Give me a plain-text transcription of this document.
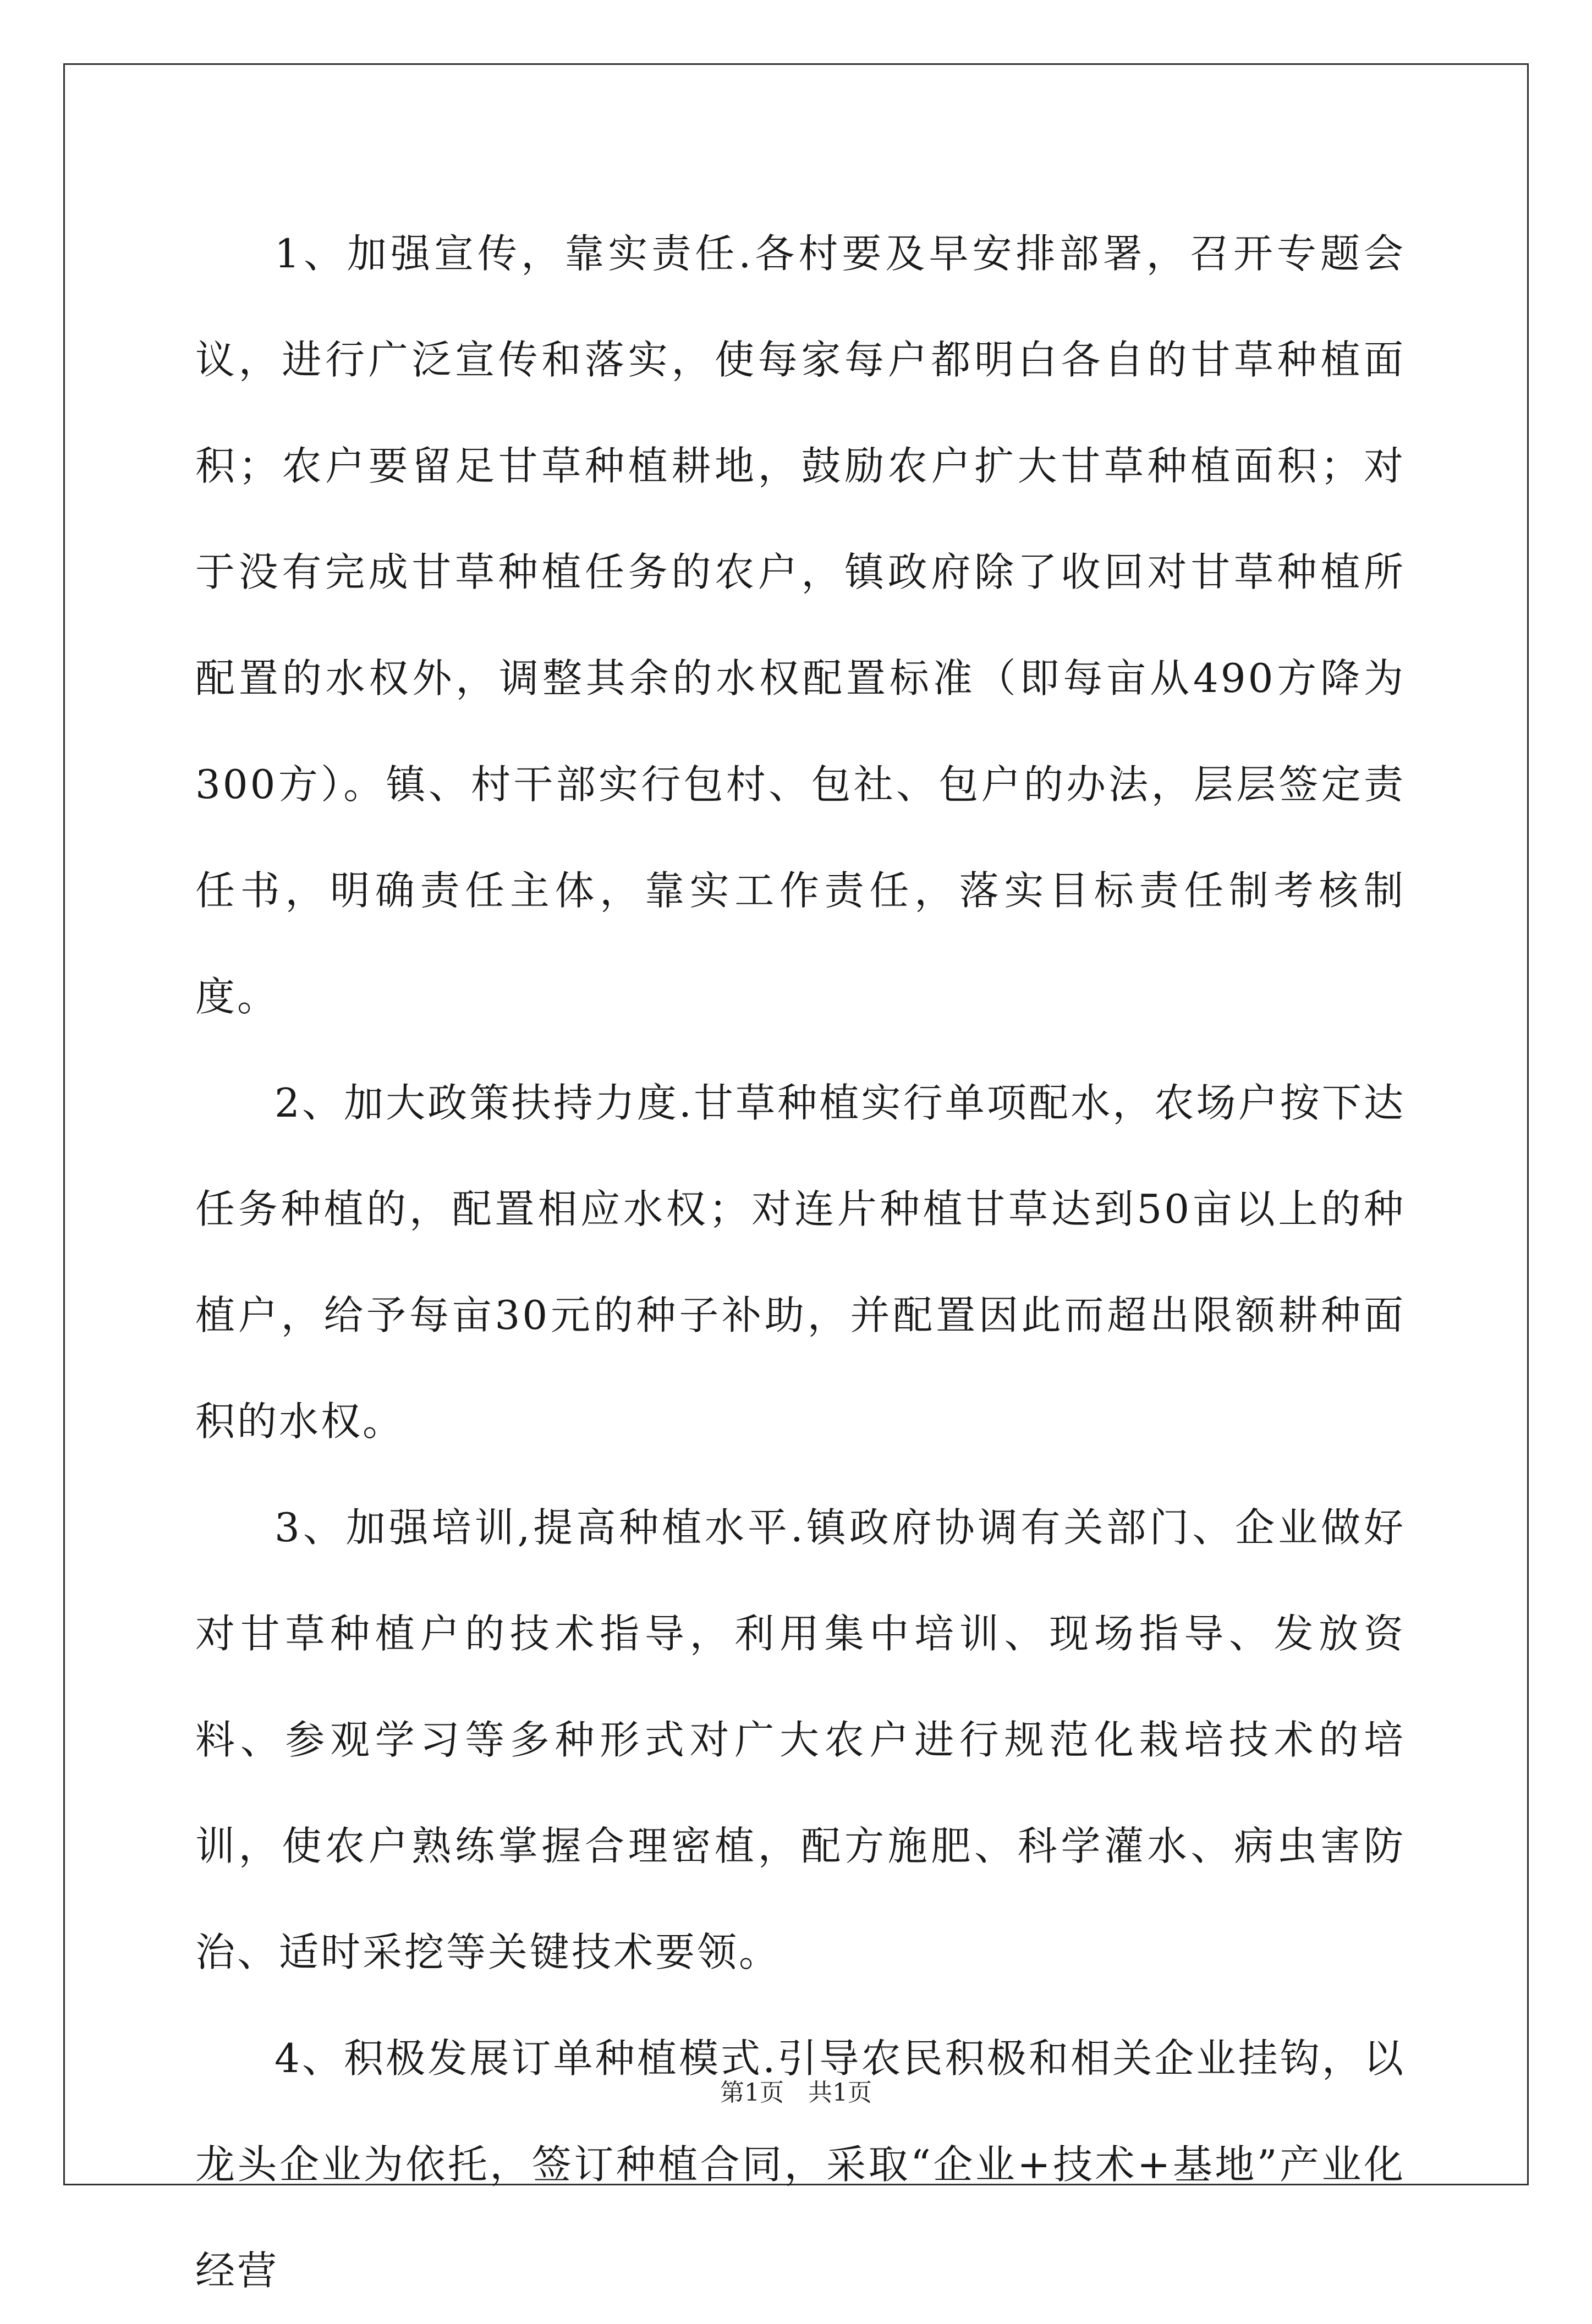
1、加强宣传，靠实责任.各村要及早安排部署，召开专题会议，进行广泛宣传和落实，使每家每户都明白各自的甘草种植面积；农户要留足甘草种植耕地，鼓励农户扩大甘草种植面积；对于没有完成甘草种植任务的农户，镇政府除了收回对甘草种植所配置的水权外，调整其余的水权配置标准（即每亩从490方降为300方）。镇、村干部实行包村、包社、包户的办法，层层签定责任书，明确责任主体，靠实工作责任，落实目标责任制考核制度。

2、加大政策扶持力度.甘草种植实行单项配水，农场户按下达任务种植的，配置相应水权；对连片种植甘草达到50亩以上的种植户，给予每亩30元的种子补助，并配置因此而超出限额耕种面积的水权。

3、加强培训,提高种植水平.镇政府协调有关部门、企业做好对甘草种植户的技术指导，利用集中培训、现场指导、发放资料、参观学习等多种形式对广大农户进行规范化栽培技术的培训，使农户熟练掌握合理密植，配方施肥、科学灌水、病虫害防治、适时采挖等关键技术要领。

4、积极发展订单种植模式.引导农民积极和相关企业挂钩，以龙头企业为依托，签订种植合同，采取“企业+技术+基地”产业化经营

第1页 共1页
